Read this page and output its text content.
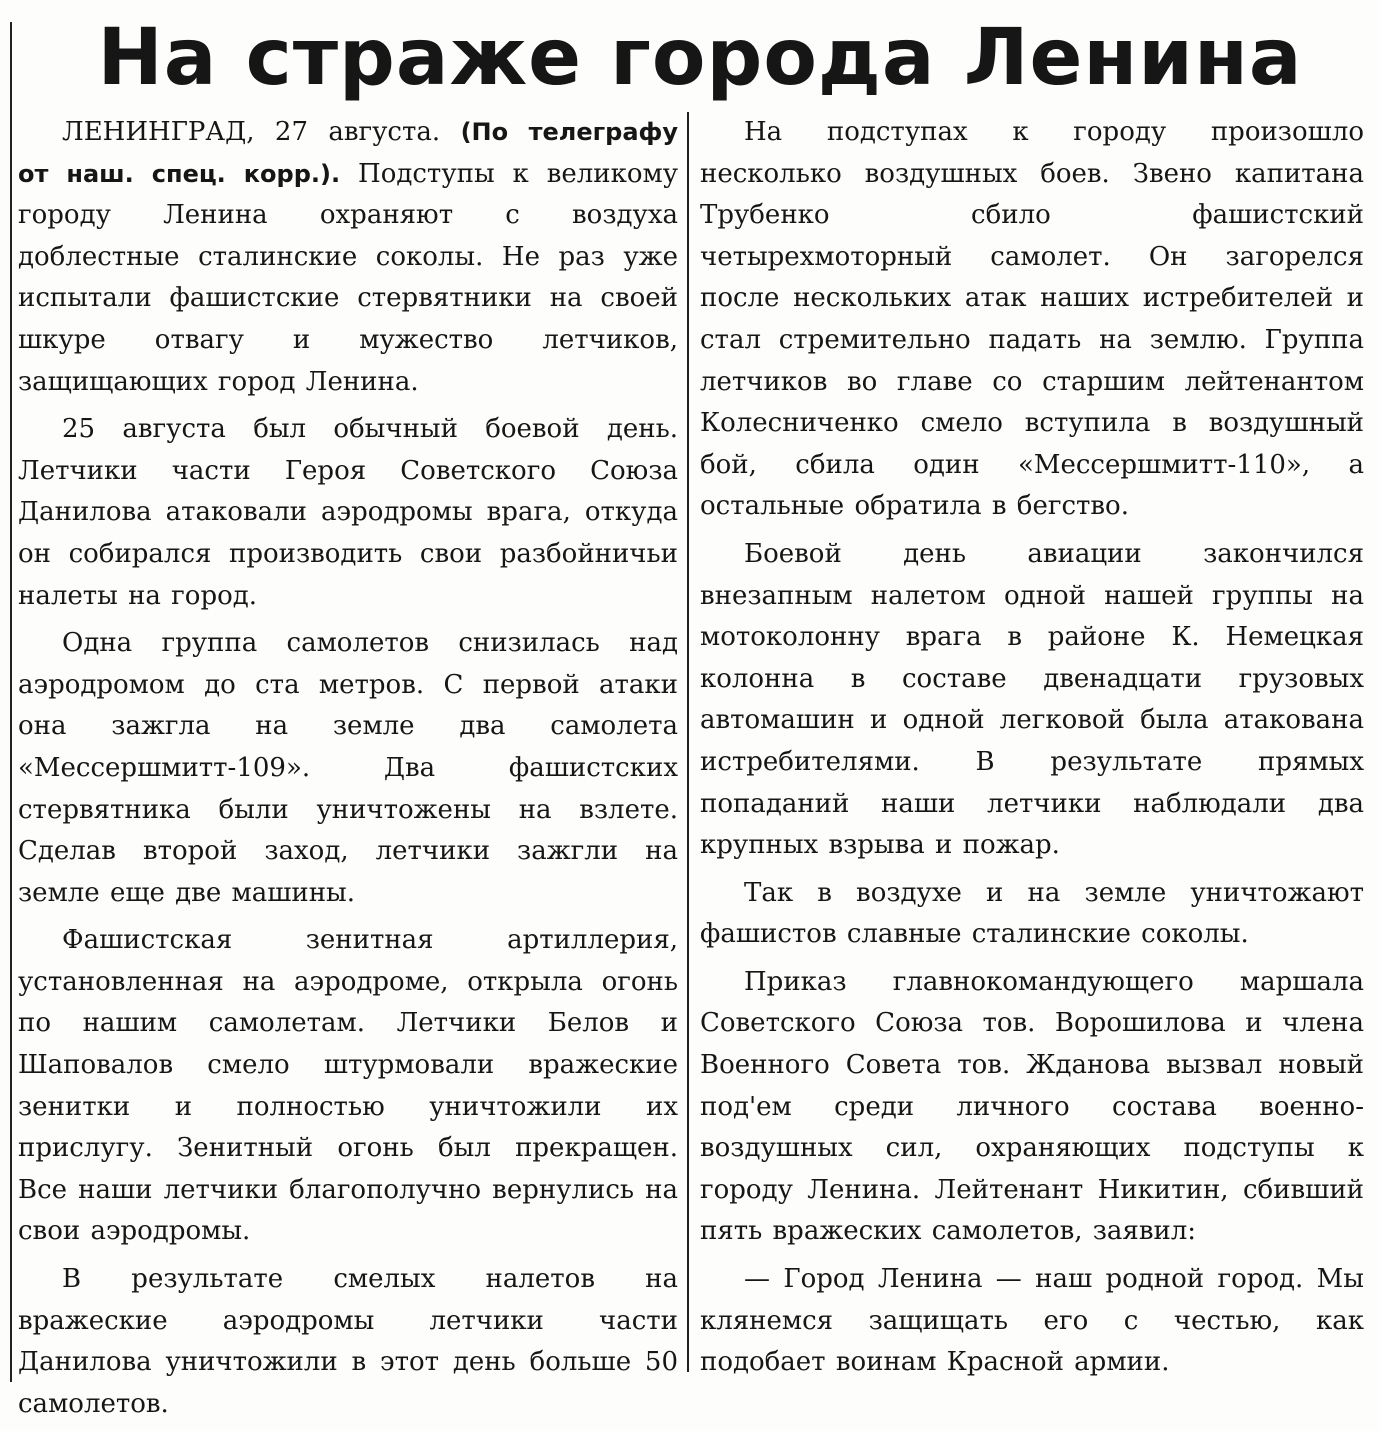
На страже города Ленина

ЛЕНИНГРАД, 27 августа. (По телеграфу от наш. спец. корр.). Подступы к великому городу Ленина охраняют с воздуха доблестные сталинские соколы. Не раз уже испытали фашистские стервятники на своей шкуре отвагу и мужество летчиков, защищающих город Ленина.

25 августа был обычный боевой день. Летчики части Героя Советского Союза Данилова атаковали аэродромы врага, откуда он собирался производить свои разбойничьи налеты на город.

Одна группа самолетов снизилась над аэродромом до ста метров. С первой атаки она зажгла на земле два самолета «Мессершмитт-109». Два фашистских стервятника были уничтожены на взлете. Сделав второй заход, летчики зажгли на земле еще две машины.

Фашистская зенитная артиллерия, установленная на аэродроме, открыла огонь по нашим самолетам. Летчики Белов и Шаповалов смело штурмовали вражеские зенитки и полностью уничтожили их прислугу. Зенитный огонь был прекращен. Все наши летчики благополучно вернулись на свои аэродромы.

В результате смелых налетов на вражеские аэродромы летчики части Данилова уничтожили в этот день больше 50 самолетов.

На подступах к городу произошло несколько воздушных боев. Звено капитана Трубенко сбило фашистский четырехмоторный самолет. Он загорелся после нескольких атак наших истребителей и стал стремительно падать на землю. Группа летчиков во главе со старшим лейтенантом Колесниченко смело вступила в воздушный бой, сбила один «Мессершмитт-110», а остальные обратила в бегство.

Боевой день авиации закончился внезапным налетом одной нашей группы на мотоколонну врага в районе К. Немецкая колонна в составе двенадцати грузовых автомашин и одной легковой была атакована истребителями. В результате прямых попаданий наши летчики наблюдали два крупных взрыва и пожар.

Так в воздухе и на земле уничтожают фашистов славные сталинские соколы.

Приказ главнокомандующего маршала Советского Союза тов. Ворошилова и члена Военного Совета тов. Жданова вызвал новый под'ем среди личного состава военно-воздушных сил, охраняющих подступы к городу Ленина. Лейтенант Никитин, сбивший пять вражеских самолетов, заявил:

— Город Ленина — наш родной город. Мы клянемся защищать его с честью, как подобает воинам Красной армии.
